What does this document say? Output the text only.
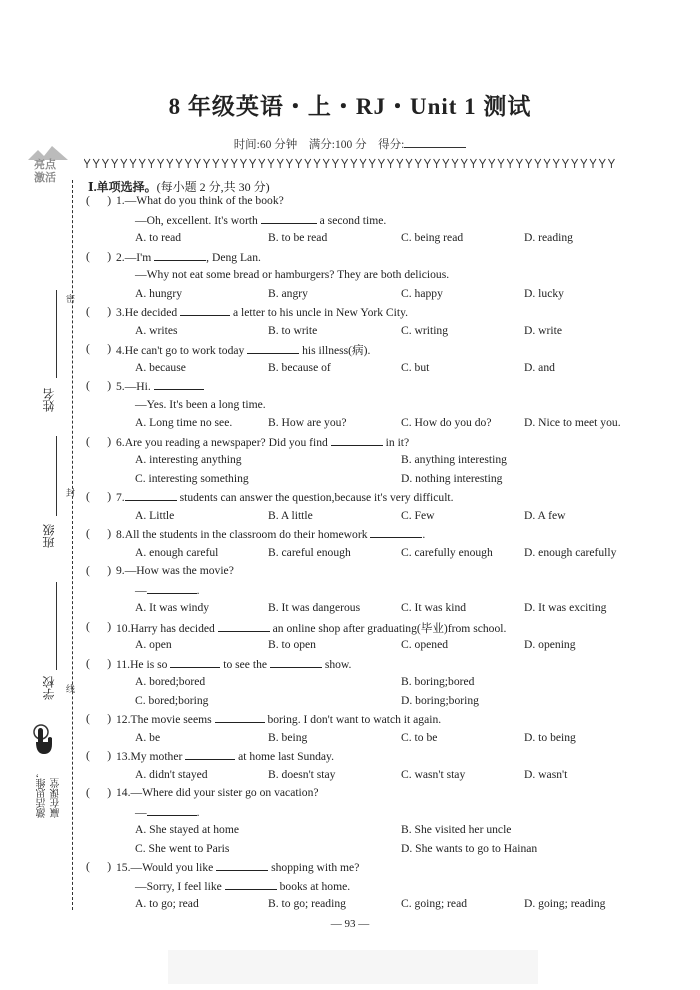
亮点
激活
密
封
线
姓名
班级
学校
激活思维， 赢在课堂
8 年级英语・上・RJ・Unit 1 测试
时间:60 分钟 满分:100 分 得分:
Ⅰ.单项选择。(每小题 2 分,共 30 分)
(      ) 1.—What do you think of the book?
—Oh, excellent. It's worth	a second time.
A. to read	B. to be read	C. being read	D. reading
(      ) 2.—I'm	, Deng Lan.
—Why not eat some bread or hamburgers? They are both delicious.
A. hungry	B. angry	C. happy	D. lucky
(      ) 3.He decided	a letter to his uncle in New York City.
A. writes	B. to write	C. writing	D. write
(      ) 4.He can't go to work today	his illness(病).
A. because	B. because of	C. but	D. and
(      ) 5.—Hi.
—Yes. It's been a long time.
A. Long time no see.	B. How are you?	C. How do you do?	D. Nice to meet you.
(      ) 6.Are you reading a newspaper? Did you find	in it?
A. interesting anything	B. anything interesting
C. interesting something	D. nothing interesting
(      ) 7.	students can answer the question,because it's very difficult.
A. Little	B. A little	C. Few	D. A few
(      ) 8.All the students in the classroom do their homework	.
A. enough careful	B. careful enough	C. carefully enough	D. enough carefully
(      ) 9.—How was the movie?
—	.
A. It was windy	B. It was dangerous	C. It was kind	D. It was exciting
(      ) 10.Harry has decided	an online shop after graduating(毕业)from school.
A. open	B. to open	C. opened	D. opening
(      ) 11.He is so	to see the	show.
A. bored;bored	B. boring;bored
C. bored;boring	D. boring;boring
(      ) 12.The movie seems	boring. I don't want to watch it again.
A. be	B. being	C. to be	D. to being
(      ) 13.My mother	at home last Sunday.
A. didn't stayed	B. doesn't stay	C. wasn't stay	D. wasn't
(      ) 14.—Where did your sister go on vacation?
—	.
A. She stayed at home	B. She visited her uncle
C. She went to Paris	D. She wants to go to Hainan
(      ) 15.—Would you like	shopping with me?
—Sorry, I feel like	books at home.
A. to go; read	B. to go; reading	C. going; read	D. going; reading
— 93 —
